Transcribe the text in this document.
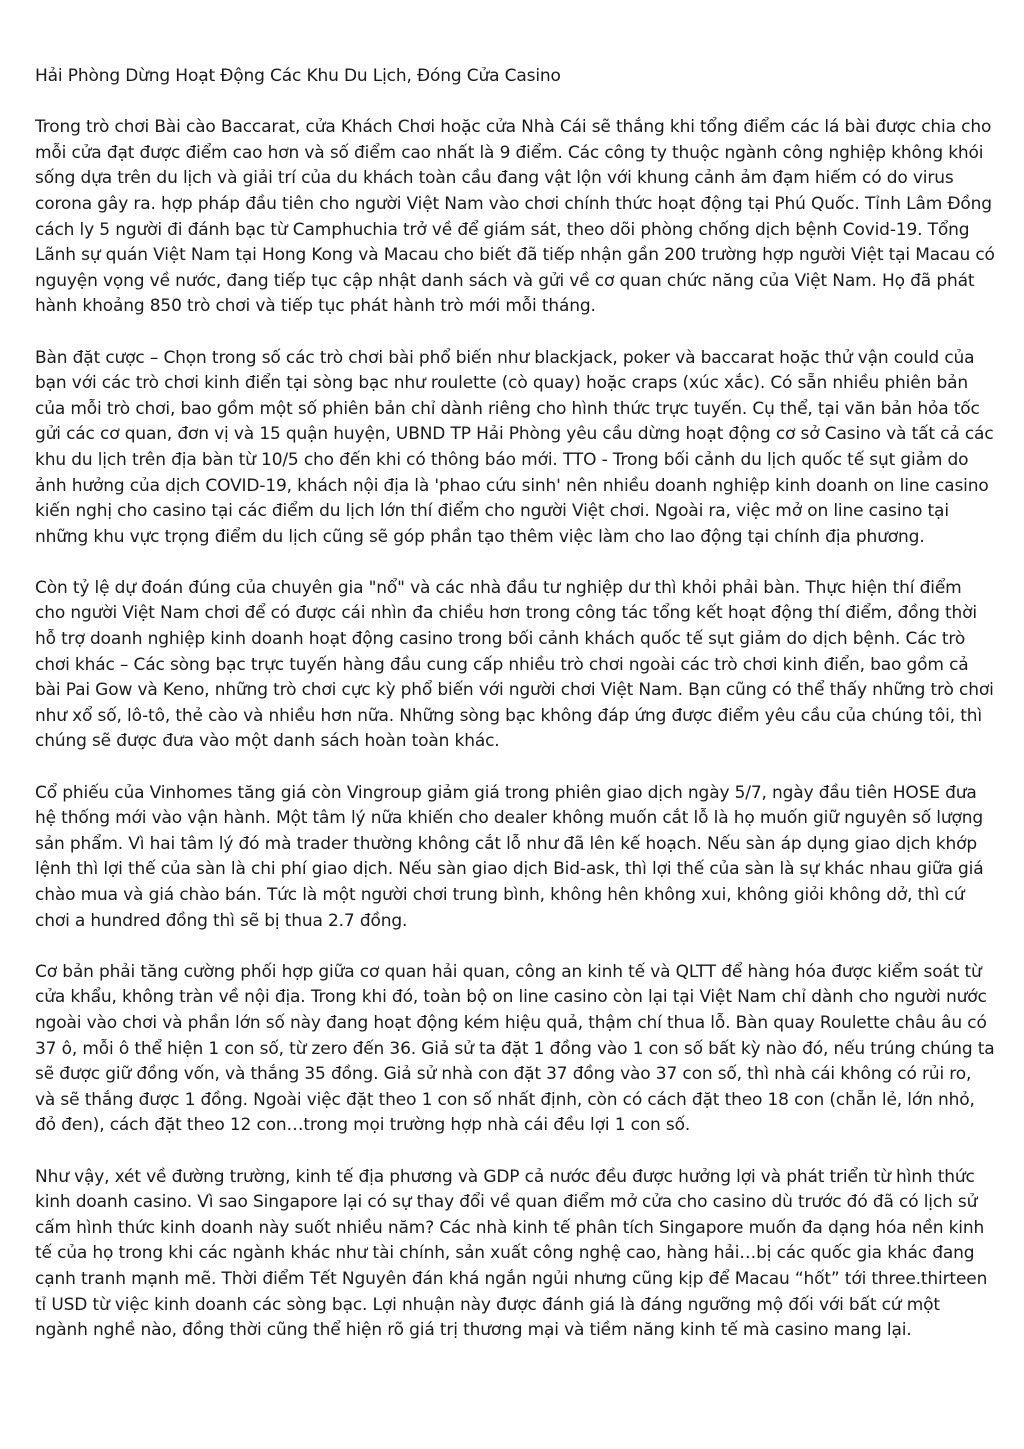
Hải Phòng Dừng Hoạt Động Các Khu Du Lịch, Đóng Cửa Casino

Trong trò chơi Bài cào Baccarat, cửa Khách Chơi hoặc cửa Nhà Cái sẽ thắng khi tổng điểm các lá bài được chia cho mỗi cửa đạt được điểm cao hơn và số điểm cao nhất là 9 điểm. Các công ty thuộc ngành công nghiệp không khói sống dựa trên du lịch và giải trí của du khách toàn cầu đang vật lộn với khung cảnh ảm đạm hiếm có do virus corona gây ra. hợp pháp đầu tiên cho người Việt Nam vào chơi chính thức hoạt động tại Phú Quốc. Tỉnh Lâm Đồng cách ly 5 người đi đánh bạc từ Camphuchia trở về để giám sát, theo dõi phòng chống dịch bệnh Covid-19. Tổng Lãnh sự quán Việt Nam tại Hong Kong và Macau cho biết đã tiếp nhận gần 200 trường hợp người Việt tại Macau có nguyện vọng về nước, đang tiếp tục cập nhật danh sách và gửi về cơ quan chức năng của Việt Nam. Họ đã phát hành khoảng 850 trò chơi và tiếp tục phát hành trò mới mỗi tháng.

Bàn đặt cược – Chọn trong số các trò chơi bài phổ biến như blackjack, poker và baccarat hoặc thử vận could của bạn với các trò chơi kinh điển tại sòng bạc như roulette (cò quay) hoặc craps (xúc xắc). Có sẵn nhiều phiên bản của mỗi trò chơi, bao gồm một số phiên bản chỉ dành riêng cho hình thức trực tuyến. Cụ thể, tại văn bản hỏa tốc gửi các cơ quan, đơn vị và 15 quận huyện, UBND TP Hải Phòng yêu cầu dừng hoạt động cơ sở Casino và tất cả các khu du lịch trên địa bàn từ 10/5 cho đến khi có thông báo mới. TTO - Trong bối cảnh du lịch quốc tế sụt giảm do ảnh hưởng của dịch COVID-19, khách nội địa là 'phao cứu sinh' nên nhiều doanh nghiệp kinh doanh on line casino kiến nghị cho casino tại các điểm du lịch lớn thí điểm cho người Việt chơi. Ngoài ra, việc mở on line casino tại những khu vực trọng điểm du lịch cũng sẽ góp phần tạo thêm việc làm cho lao động tại chính địa phương.

Còn tỷ lệ dự đoán đúng của chuyên gia "nổ" và các nhà đầu tư nghiệp dư thì khỏi phải bàn. Thực hiện thí điểm cho người Việt Nam chơi để có được cái nhìn đa chiều hơn trong công tác tổng kết hoạt động thí điểm, đồng thời hỗ trợ doanh nghiệp kinh doanh hoạt động casino trong bối cảnh khách quốc tế sụt giảm do dịch bệnh. Các trò chơi khác – Các sòng bạc trực tuyến hàng đầu cung cấp nhiều trò chơi ngoài các trò chơi kinh điển, bao gồm cả bài Pai Gow và Keno, những trò chơi cực kỳ phổ biến với người chơi Việt Nam. Bạn cũng có thể thấy những trò chơi như xổ số, lô-tô, thẻ cào và nhiều hơn nữa. Những sòng bạc không đáp ứng được điểm yêu cầu của chúng tôi, thì chúng sẽ được đưa vào một danh sách hoàn toàn khác.

Cổ phiếu của Vinhomes tăng giá còn Vingroup giảm giá trong phiên giao dịch ngày 5/7, ngày đầu tiên HOSE đưa hệ thống mới vào vận hành. Một tâm lý nữa khiến cho dealer không muốn cắt lỗ là họ muốn giữ nguyên số lượng sản phẩm. Vì hai tâm lý đó mà trader thường không cắt lỗ như đã lên kế hoạch. Nếu sàn áp dụng giao dịch khớp lệnh thì lợi thế của sàn là chi phí giao dịch. Nếu sàn giao dịch Bid-ask, thì lợi thế của sàn là sự khác nhau giữa giá chào mua và giá chào bán. Tức là một người chơi trung bình, không hên không xui, không giỏi không dở, thì cứ chơi a hundred đồng thì sẽ bị thua 2.7 đồng.

Cơ bản phải tăng cường phối hợp giữa cơ quan hải quan, công an kinh tế và QLTT để hàng hóa được kiểm soát từ cửa khẩu, không tràn về nội địa. Trong khi đó, toàn bộ on line casino còn lại tại Việt Nam chỉ dành cho người nước ngoài vào chơi và phần lớn số này đang hoạt động kém hiệu quả, thậm chí thua lỗ. Bàn quay Roulette châu âu có 37 ô, mỗi ô thể hiện 1 con số, từ zero đến 36. Giả sử ta đặt 1 đồng vào 1 con số bất kỳ nào đó, nếu trúng chúng ta sẽ được giữ đồng vốn, và thắng 35 đồng. Giả sử nhà con đặt 37 đồng vào 37 con số, thì nhà cái không có rủi ro, và sẽ thắng được 1 đồng. Ngoài việc đặt theo 1 con số nhất định, còn có cách đặt theo 18 con (chẵn lẻ, lớn nhỏ, đỏ đen), cách đặt theo 12 con…trong mọi trường hợp nhà cái đều lợi 1 con số.

Như vậy, xét về đường trường, kinh tế địa phương và GDP cả nước đều được hưởng lợi và phát triển từ hình thức kinh doanh casino. Vì sao Singapore lại có sự thay đổi về quan điểm mở cửa cho casino dù trước đó đã có lịch sử cấm hình thức kinh doanh này suốt nhiều năm? Các nhà kinh tế phân tích Singapore muốn đa dạng hóa nền kinh tế của họ trong khi các ngành khác như tài chính, sản xuất công nghệ cao, hàng hải…bị các quốc gia khác đang cạnh tranh mạnh mẽ. Thời điểm Tết Nguyên đán khá ngắn ngủi nhưng cũng kịp để Macau “hốt” tới three.thirteen tỉ USD từ việc kinh doanh các sòng bạc. Lợi nhuận này được đánh giá là đáng ngưỡng mộ đối với bất cứ một ngành nghề nào, đồng thời cũng thể hiện rõ giá trị thương mại và tiềm năng kinh tế mà casino mang lại.
